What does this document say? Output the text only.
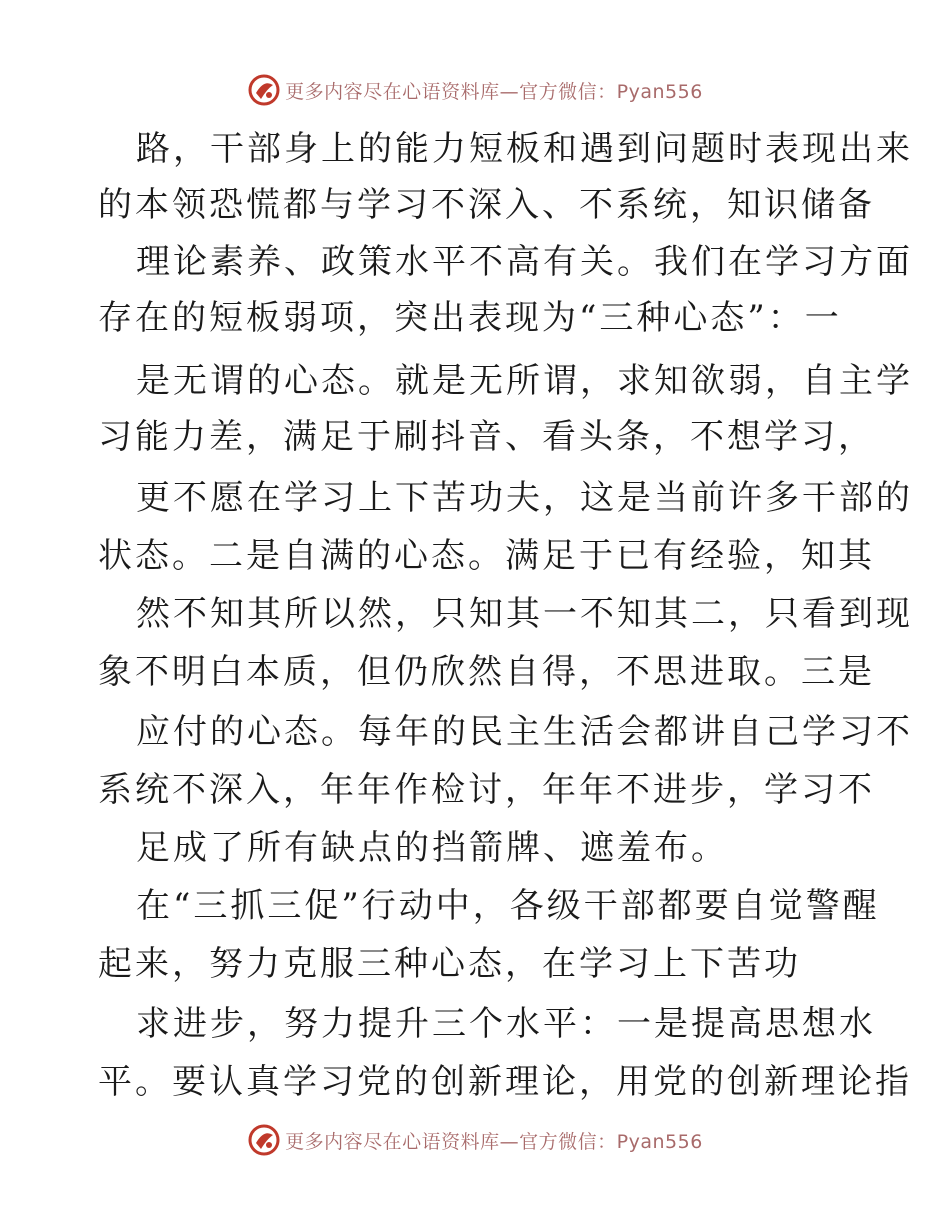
更多内容尽在心语资料库—官方微信：Pyan556
路，干部身上的能力短板和遇到问题时表现出来
的本领恐慌都与学习不深入、不系统，知识储备
理论素养、政策水平不高有关。我们在学习方面
存在的短板弱项，突出表现为“三种心态”：一
是无谓的心态。就是无所谓，求知欲弱，自主学
习能力差，满足于刷抖音、看头条，不想学习，
更不愿在学习上下苦功夫，这是当前许多干部的
状态。二是自满的心态。满足于已有经验，知其
然不知其所以然，只知其一不知其二，只看到现
象不明白本质，但仍欣然自得，不思进取。三是
应付的心态。每年的民主生活会都讲自己学习不
系统不深入，年年作检讨，年年不进步，学习不
足成了所有缺点的挡箭牌、遮羞布。
在“三抓三促”行动中，各级干部都要自觉警醒
起来，努力克服三种心态，在学习上下苦功
求进步，努力提升三个水平：一是提高思想水
平。要认真学习党的创新理论，用党的创新理论指
更多内容尽在心语资料库—官方微信：Pyan556
